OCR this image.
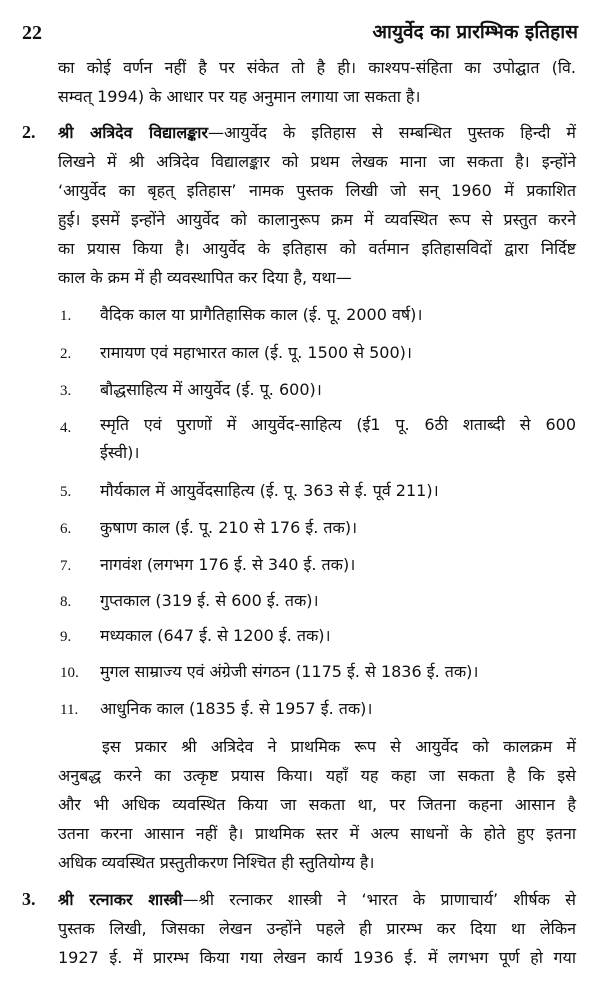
22	आयुर्वेद का प्रारम्भिक इतिहास
का कोई वर्णन नहीं है पर संकेत तो है ही। काश्यप-संहिता का उपोद्घात (वि.
सम्वत् 1994) के आधार पर यह अनुमान लगाया जा सकता है।
2. श्री अत्रिदेव विद्यालङ्कार—आयुर्वेद के इतिहास से सम्बन्धित पुस्तक हिन्दी में
लिखने में श्री अत्रिदेव विद्यालङ्कार को प्रथम लेखक माना जा सकता है। इन्होंने
‘आयुर्वेद का बृहत् इतिहास’ नामक पुस्तक लिखी जो सन् 1960 में प्रकाशित
हुई। इसमें इन्होंने आयुर्वेद को कालानुरूप क्रम में व्यवस्थित रूप से प्रस्तुत करने
का प्रयास किया है। आयुर्वेद के इतिहास को वर्तमान इतिहासविदों द्वारा निर्दिष्ट
काल के क्रम में ही व्यवस्थापित कर दिया है, यथा—
1. वैदिक काल या प्रागैतिहासिक काल (ई. पू. 2000 वर्ष)।
2. रामायण एवं महाभारत काल (ई. पू. 1500 से 500)।
3. बौद्धसाहित्य में आयुर्वेद (ई. पू. 600)।
4. स्मृति एवं पुराणों में आयुर्वेद-साहित्य (ई1 पू. 6ठी शताब्दी से 600
ईस्वी)।
5. मौर्यकाल में आयुर्वेदसाहित्य (ई. पू. 363 से ई. पूर्व 211)।
6. कुषाण काल (ई. पू. 210 से 176 ई. तक)।
7. नागवंश (लगभग 176 ई. से 340 ई. तक)।
8. गुप्तकाल (319 ई. से 600 ई. तक)।
9. मध्यकाल (647 ई. से 1200 ई. तक)।
10. मुगल साम्राज्य एवं अंग्रेजी संगठन (1175 ई. से 1836 ई. तक)।
11. आधुनिक काल (1835 ई. से 1957 ई. तक)।
इस प्रकार श्री अत्रिदेव ने प्राथमिक रूप से आयुर्वेद को कालक्रम में
अनुबद्ध करने का उत्कृष्ट प्रयास किया। यहाँ यह कहा जा सकता है कि इसे
और भी अधिक व्यवस्थित किया जा सकता था, पर जितना कहना आसान है
उतना करना आसान नहीं है। प्राथमिक स्तर में अल्प साधनों के होते हुए इतना
अधिक व्यवस्थित प्रस्तुतीकरण निश्चित ही स्तुतियोग्य है।
3. श्री रत्नाकर शास्त्री—श्री रत्नाकर शास्त्री ने ‘भारत के प्राणाचार्य’ शीर्षक से
पुस्तक लिखी, जिसका लेखन उन्होंने पहले ही प्रारम्भ कर दिया था लेकिन
1927 ई. में प्रारम्भ किया गया लेखन कार्य 1936 ई. में लगभग पूर्ण हो गया
